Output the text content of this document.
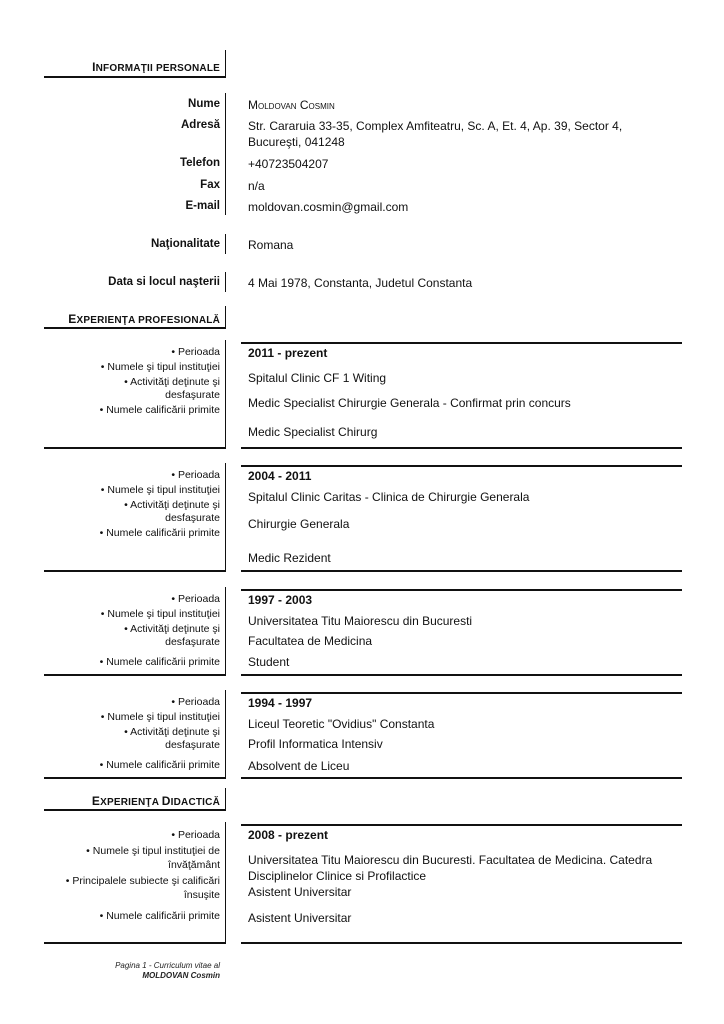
INFORMAŢII PERSONALE
Nume Moldovan Cosmin
Adresă Str. Cararuia 33-35, Complex Amfiteatru, Sc. A, Et. 4, Ap. 39, Sector 4,
Bucureşti, 041248
Telefon +40723504207
Fax n/a
E-mail moldovan.cosmin@gmail.com
Naţionalitate Romana
Data si locul naşterii 4 Mai 1978, Constanta, Judetul Constanta
EXPERIENŢA PROFESIONALĂ
• Perioada
• Numele şi tipul instituţiei
• Activităţi deţinute şi
desfaşurate
• Numele calificării primite
2011 - prezent
Spitalul Clinic CF 1 Witing
Medic Specialist Chirurgie Generala - Confirmat prin concurs
Medic Specialist Chirurg
• Perioada
• Numele şi tipul instituţiei
• Activităţi deţinute şi
desfaşurate
• Numele calificării primite
2004 - 2011
Spitalul Clinic Caritas - Clinica de Chirurgie Generala
Chirurgie Generala
Medic Rezident
• Perioada
• Numele şi tipul instituţiei
• Activităţi deţinute şi
desfaşurate
• Numele calificării primite
1997 - 2003
Universitatea Titu Maiorescu din Bucuresti
Facultatea de Medicina
Student
• Perioada
• Numele şi tipul instituţiei
• Activităţi deţinute şi
desfaşurate
• Numele calificării primite
1994 - 1997
Liceul Teoretic "Ovidius" Constanta
Profil Informatica Intensiv
Absolvent de Liceu
EXPERIENŢA DIDACTICĂ
• Perioada
• Numele şi tipul instituţiei de
învăţământ
• Principalele subiecte şi calificări
însuşite
• Numele calificării primite
2008 - prezent
Universitatea Titu Maiorescu din Bucuresti. Facultatea de Medicina. Catedra
Disciplinelor Clinice si Profilactice
Asistent Universitar
Asistent Universitar
Pagina 1 - Curriculum vitae al
MOLDOVAN Cosmin
